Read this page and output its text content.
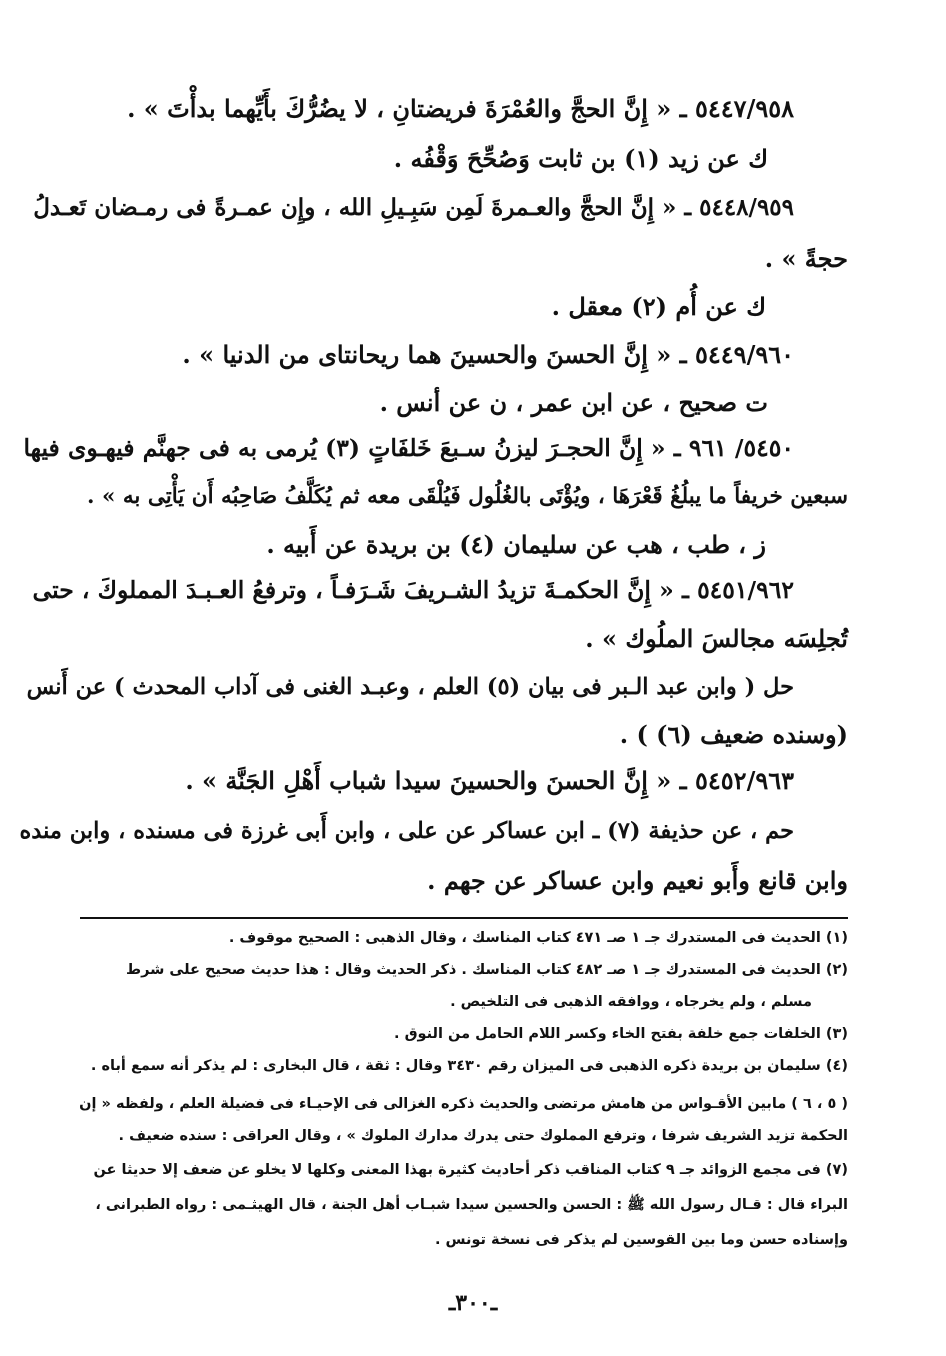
٥٤٤٧/٩٥٨ ـ « إِنَّ الحجَّ والعُمْرَةَ فريضتانِ ، لا يضُرُّكَ بأَيِّهما بدأْتَ » .
ك عن زيد (١) بن ثابت وَصُحِّحَ وَقْفُه .
٥٤٤٨/٩٥٩ ـ « إِنَّ الحجَّ والعـمرةَ لَمِن سَبِـيلِ الله ، وإِن عمـرةً فى رمـضان تَعـدلُ
حجةً » .
ك عن أُم (٢) معقل .
٥٤٤٩/٩٦٠ ـ « إِنَّ الحسنَ والحسينَ هما ريحانتاى من الدنيا » .
ت صحيح ، عن ابن عمر ، ن عن أنس .
٥٤٥٠/ ٩٦١ ـ « إِنَّ الحجـرَ ليزنُ سـبعَ خَلفَاتٍ (٣) يُرمى به فى جهنَّم فيهـوى فيها
سبعين خريفاً ما يبلُغُ قَعْرَهَا ، ويُؤْتَى بالغُلُول فَيُلْقَى معه ثم يُكَلَّفُ صَاحِبُه أَن يَأْتِى به » .
ز ، طب ، هب عن سليمان (٤) بن بريدة عن أَبيه .
٥٤٥١/٩٦٢ ـ « إِنَّ الحكمـةَ تزيدُ الشـريفَ شَـرَفـاً ، وترفعُ العـبـدَ المملوكَ ، حتى
تُجلِسَه مجالسَ الملُوك » .
حل ( وابن عبد الـبر فى بيان (٥) العلم ، وعبـد الغنى فى آداب المحدث ) عن أَنس
(وسنده ضعيف (٦) ) .
٥٤٥٢/٩٦٣ ـ « إِنَّ الحسنَ والحسينَ سيدا شباب أَهْلِ الجَنَّة » .
حم ، عن حذيفة (٧) ـ ابن عساكر عن على ، وابن أَبى غرزة فى مسنده ، وابن منده
وابن قانع وأَبو نعيم وابن عساكر عن جهم .
(١) الحديث فى المستدرك جـ ١ صـ ٤٧١ كتاب المناسك ، وقال الذهبى : الصحيح موقوف .
(٢) الحديث فى المستدرك جـ ١ صـ ٤٨٢ كتاب المناسك . ذكر الحديث وقال : هذا حديث صحيح على شرط
مسلم ، ولم يخرجاه ، ووافقه الذهبى فى التلخيص .
(٣) الخلفات جمع خلفة بفتح الخاء وكسر اللام الحامل من النوق .
(٤) سليمان بن بريدة ذكره الذهبى فى الميزان رقم ٣٤٣٠ وقال : ثقة ، قال البخارى : لم يذكر أنه سمع أباه .
( ٥ ، ٦ ) مابين الأقـواس من هامش مرتضى والحديث ذكره الغزالى فى الإحيـاء فى فضيلة العلم ، ولفظه « إن
الحكمة تزيد الشريف شرفا ، وترفع المملوك حتى يدرك مدارك الملوك » ، وقال العراقى : سنده ضعيف .
(٧) فى مجمع الزوائد جـ ٩ كتاب المناقب ذكر أحاديث كثيرة بهذا المعنى وكلها لا يخلو عن ضعف إلا حديثا عن
البراء قال : قـال رسول الله ﷺ : الحسن والحسين سيدا شبـاب أهل الجنة ، قال الهيثـمى : رواه الطبرانى ،
وإسناده حسن وما بين القوسين لم يذكر فى نسخة تونس .
ـ٣٠٠ـ
